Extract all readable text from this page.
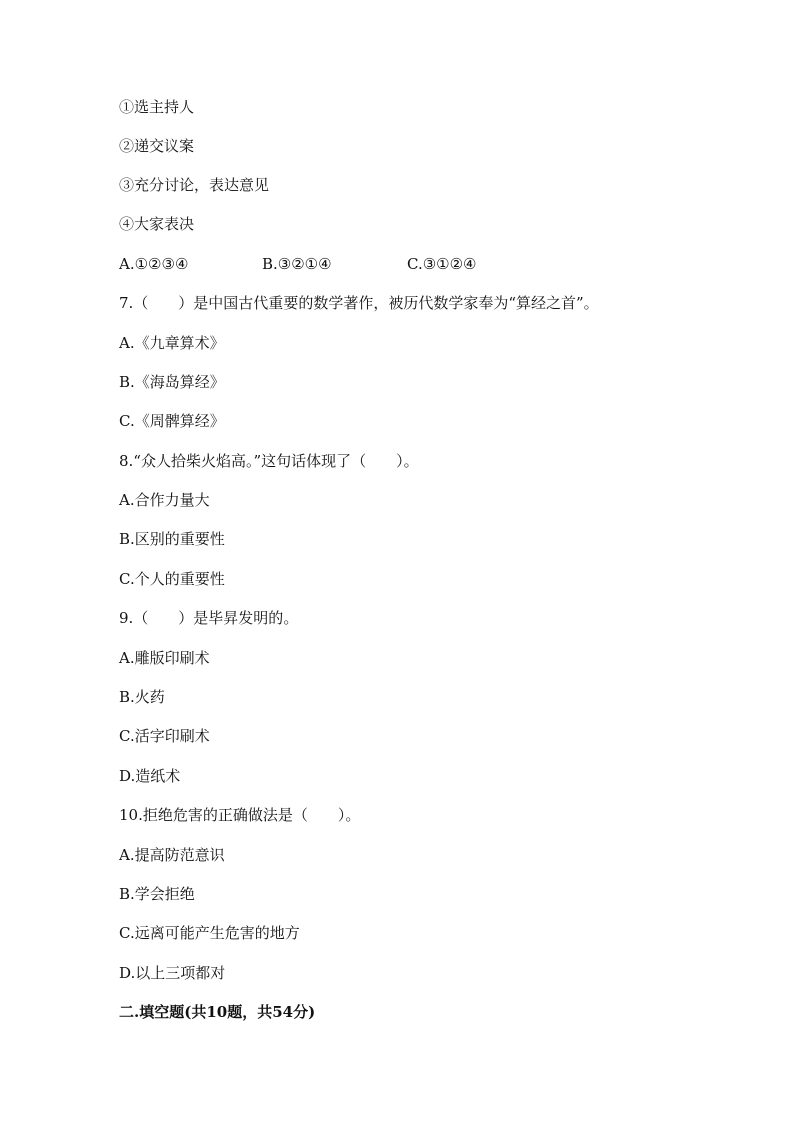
①选主持人
②递交议案
③充分讨论，表达意见
④大家表决

A.①②③④

	B.③②①④

	C.③①②④

7.（　　）是中国古代重要的数学著作，被历代数学家奉为“算经之首”。
A.《九章算术》
B.《海岛算经》
C.《周髀算经》
8.“众人拾柴火焰高。”这句话体现了（　　）。
A.合作力量大
B.区别的重要性
C.个人的重要性
9.（　　）是毕昇发明的。
A.雕版印刷术
B.火药
C.活字印刷术
D.造纸术
10.拒绝危害的正确做法是（　　）。
A.提高防范意识
B.学会拒绝
C.远离可能产生危害的地方
D.以上三项都对
二.填空题(共10题，共54分)
